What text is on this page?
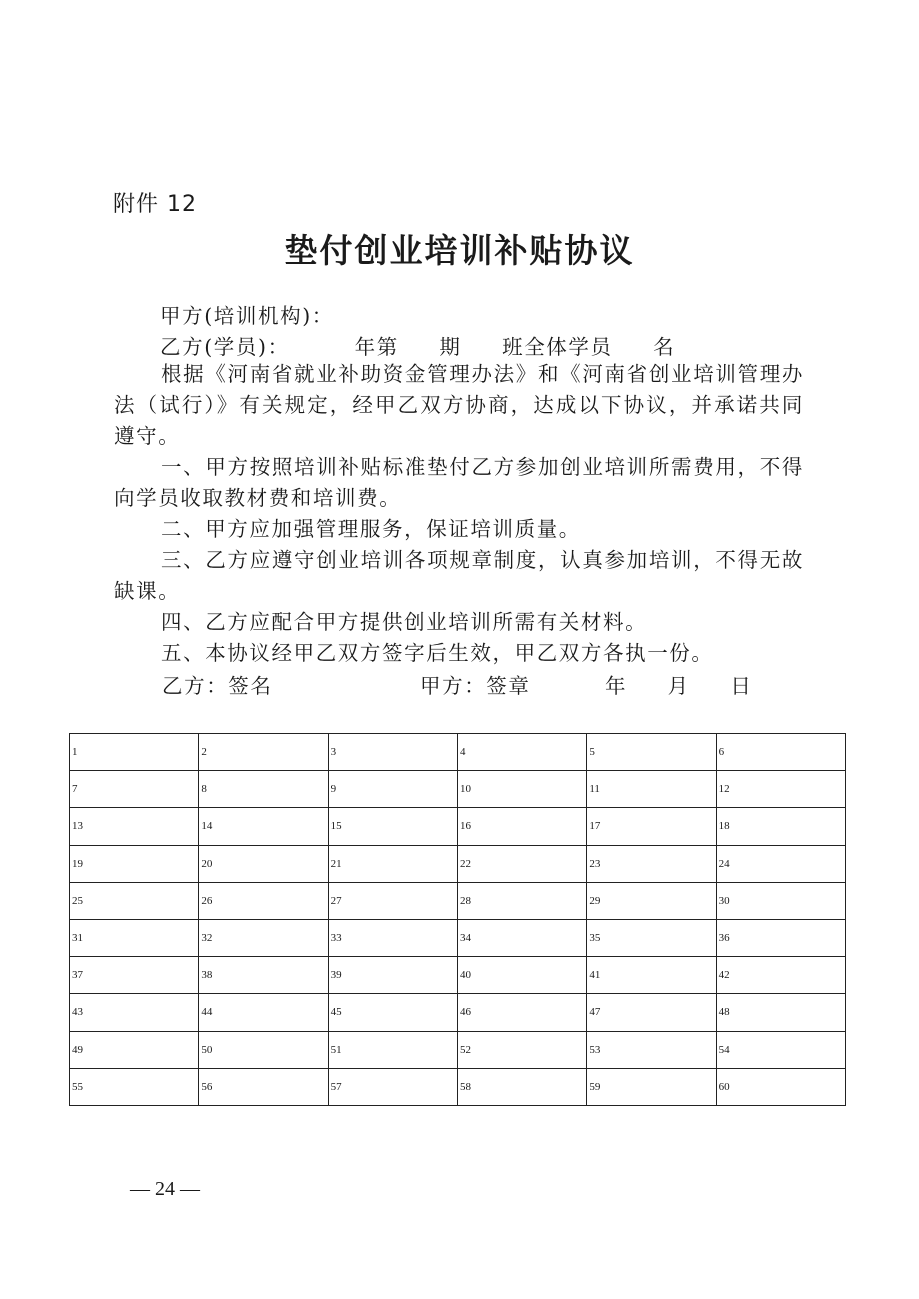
附件 12
垫付创业培训补贴协议
甲方(培训机构)：
乙方(学员)：        年第     期     班全体学员     名
根据《河南省就业补助资金管理办法》和《河南省创业培训管理办法（试行）》有关规定，经甲乙双方协商，达成以下协议，并承诺共同遵守。
一、甲方按照培训补贴标准垫付乙方参加创业培训所需费用，不得向学员收取教材费和培训费。
二、甲方应加强管理服务，保证培训质量。
三、乙方应遵守创业培训各项规章制度，认真参加培训，不得无故缺课。
四、乙方应配合甲方提供创业培训所需有关材料。
五、本协议经甲乙双方签字后生效，甲乙双方各执一份。
乙方：签名	甲方：签章	年     月     日
1	2	3	4	5	6
7	8	9	10	11	12
13	14	15	16	17	18
19	20	21	22	23	24
25	26	27	28	29	30
31	32	33	34	35	36
37	38	39	40	41	42
43	44	45	46	47	48
49	50	51	52	53	54
55	56	57	58	59	60
— 24 —
